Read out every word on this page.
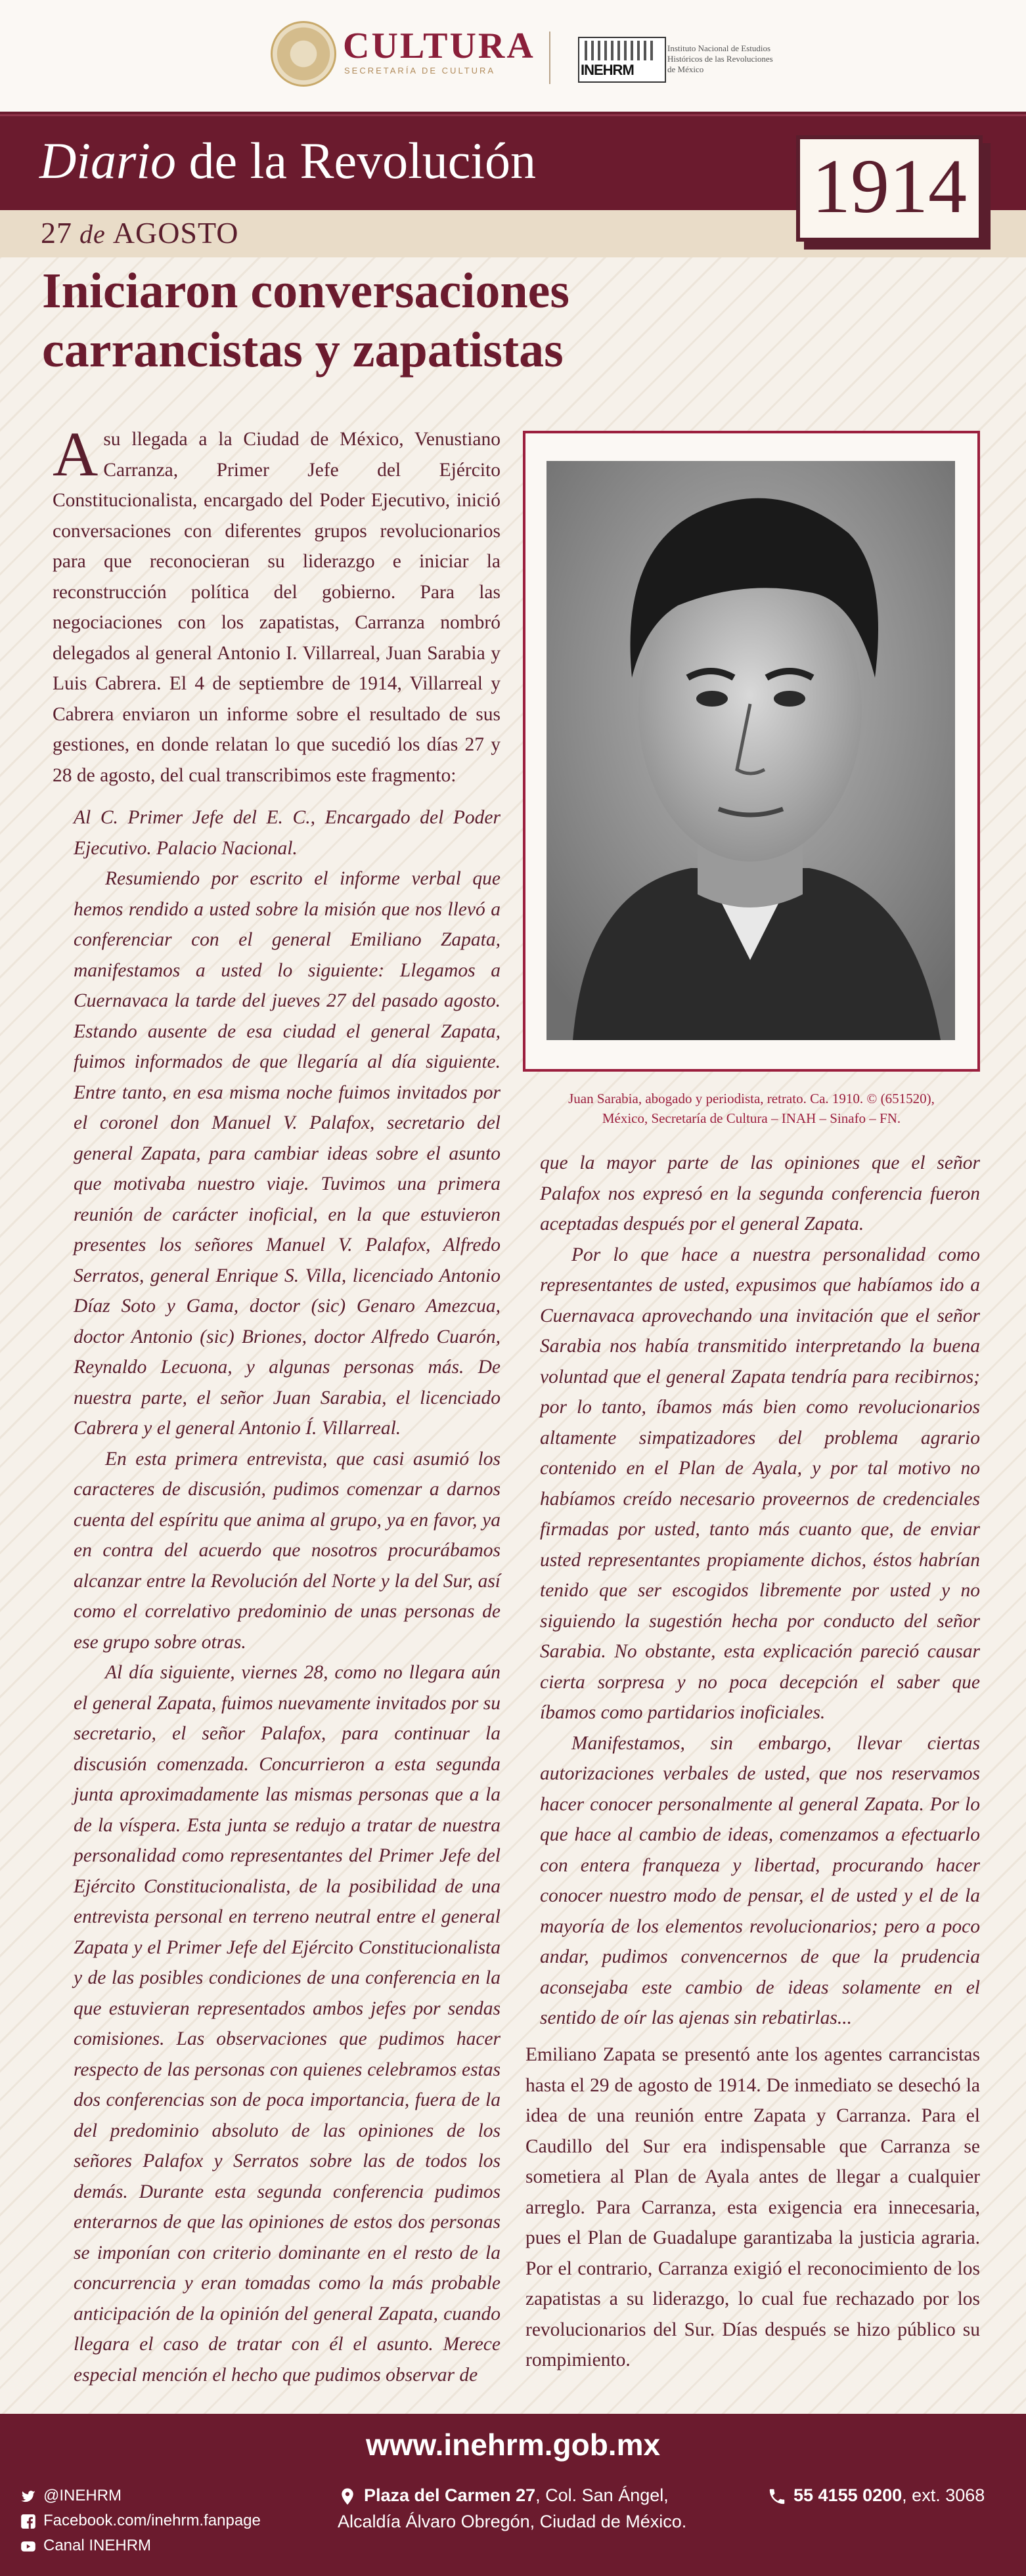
CULTURA
SECRETARÍA DE CULTURA	INEHRM
Instituto Nacional de Estudios Históricos de las Revoluciones de México
Diario de la Revolución
27 de AGOSTO
1914
Iniciaron conversaciones carrancistas y zapatistas
A su llegada a la Ciudad de México, Venustiano Carranza, Primer Jefe del Ejército Constitucionalista, encargado del Poder Ejecutivo, inició conversaciones con diferentes grupos revolucionarios para que reconocieran su liderazgo e iniciar la reconstrucción política del gobierno. Para las negociaciones con los zapatistas, Carranza nombró delegados al general Antonio I. Villarreal, Juan Sarabia y Luis Cabrera. El 4 de septiembre de 1914, Villarreal y Cabrera enviaron un informe sobre el resultado de sus gestiones, en donde relatan lo que sucedió los días 27 y 28 de agosto, del cual transcribimos este fragmento:

Al C. Primer Jefe del E. C., Encargado del Poder Ejecutivo. Palacio Nacional.

Resumiendo por escrito el informe verbal que hemos rendido a usted sobre la misión que nos llevó a conferenciar con el general Emiliano Zapata, manifestamos a usted lo siguiente: Llegamos a Cuernavaca la tarde del jueves 27 del pasado agosto. Estando ausente de esa ciudad el general Zapata, fuimos informados de que llegaría al día siguiente. Entre tanto, en esa misma noche fuimos invitados por el coronel don Manuel V. Palafox, secretario del general Zapata, para cambiar ideas sobre el asunto que motivaba nuestro viaje. Tuvimos una primera reunión de carácter inoficial, en la que estuvieron presentes los señores Manuel V. Palafox, Alfredo Serratos, general Enrique S. Villa, licenciado Antonio Díaz Soto y Gama, doctor (sic) Genaro Amezcua, doctor Antonio (sic) Briones, doctor Alfredo Cuarón, Reynaldo Lecuona, y algunas personas más. De nuestra parte, el señor Juan Sarabia, el licenciado Cabrera y el general Antonio Í. Villarreal.

En esta primera entrevista, que casi asumió los caracteres de discusión, pudimos comenzar a darnos cuenta del espíritu que anima al grupo, ya en favor, ya en contra del acuerdo que nosotros procurábamos alcanzar entre la Revolución del Norte y la del Sur, así como el correlativo predominio de unas personas de ese grupo sobre otras.

Al día siguiente, viernes 28, como no llegara aún el general Zapata, fuimos nuevamente invitados por su secretario, el señor Palafox, para continuar la discusión comenzada. Concurrieron a esta segunda junta aproximadamente las mismas personas que a la de la víspera. Esta junta se redujo a tratar de nuestra personalidad como representantes del Primer Jefe del Ejército Constitucionalista, de la posibilidad de una entrevista personal en terreno neutral entre el general Zapata y el Primer Jefe del Ejército Constitucionalista y de las posibles condiciones de una conferencia en la que estuvieran representados ambos jefes por sendas comisiones. Las observaciones que pudimos hacer respecto de las personas con quienes celebramos estas dos conferencias son de poca importancia, fuera de la del predominio absoluto de las opiniones de los señores Palafox y Serratos sobre las de todos los demás. Durante esta segunda conferencia pudimos enterarnos de que las opiniones de estos dos personas se imponían con criterio dominante en el resto de la concurrencia y eran tomadas como la más probable anticipación de la opinión del general Zapata, cuando llegara el caso de tratar con él el asunto. Merece especial mención el hecho que pudimos observar de

Juan Sarabia, abogado y periodista, retrato. Ca. 1910. © (651520),
México, Secretaría de Cultura – INAH – Sinafo – FN.

que la mayor parte de las opiniones que el señor Palafox nos expresó en la segunda conferencia fueron aceptadas después por el general Zapata.

Por lo que hace a nuestra personalidad como representantes de usted, expusimos que habíamos ido a Cuernavaca aprovechando una invitación que el señor Sarabia nos había transmitido interpretando la buena voluntad que el general Zapata tendría para recibirnos; por lo tanto, íbamos más bien como revolucionarios altamente simpatizadores del problema agrario contenido en el Plan de Ayala, y por tal motivo no habíamos creído necesario proveernos de credenciales firmadas por usted, tanto más cuanto que, de enviar usted representantes propiamente dichos, éstos habrían tenido que ser escogidos libremente por usted y no siguiendo la sugestión hecha por conducto del señor Sarabia. No obstante, esta explicación pareció causar cierta sorpresa y no poca decepción el saber que íbamos como partidarios inoficiales.

Manifestamos, sin embargo, llevar ciertas autorizaciones verbales de usted, que nos reservamos hacer conocer personalmente al general Zapata. Por lo que hace al cambio de ideas, comenzamos a efectuarlo con entera franqueza y libertad, procurando hacer conocer nuestro modo de pensar, el de usted y el de la mayoría de los elementos revolucionarios; pero a poco andar, pudimos convencernos de que la prudencia aconsejaba este cambio de ideas solamente en el sentido de oír las ajenas sin rebatirlas...

Emiliano Zapata se presentó ante los agentes carrancistas hasta el 29 de agosto de 1914. De inmediato se desechó la idea de una reunión entre Zapata y Carranza. Para el Caudillo del Sur era indispensable que Carranza se sometiera al Plan de Ayala antes de llegar a cualquier arreglo. Para Carranza, esta exigencia era innecesaria, pues el Plan de Guadalupe garantizaba la justicia agraria. Por el contrario, Carranza exigió el reconocimiento de los zapatistas a su liderazgo, lo cual fue rechazado por los revolucionarios del Sur. Días después se hizo público su rompimiento.
www.inehrm.gob.mx
@INEHRM
Facebook.com/inehrm.fanpage
Canal INEHRM
Plaza del Carmen 27, Col. San Ángel,
Alcaldía Álvaro Obregón, Ciudad de México.
55 4155 0200, ext. 3068
